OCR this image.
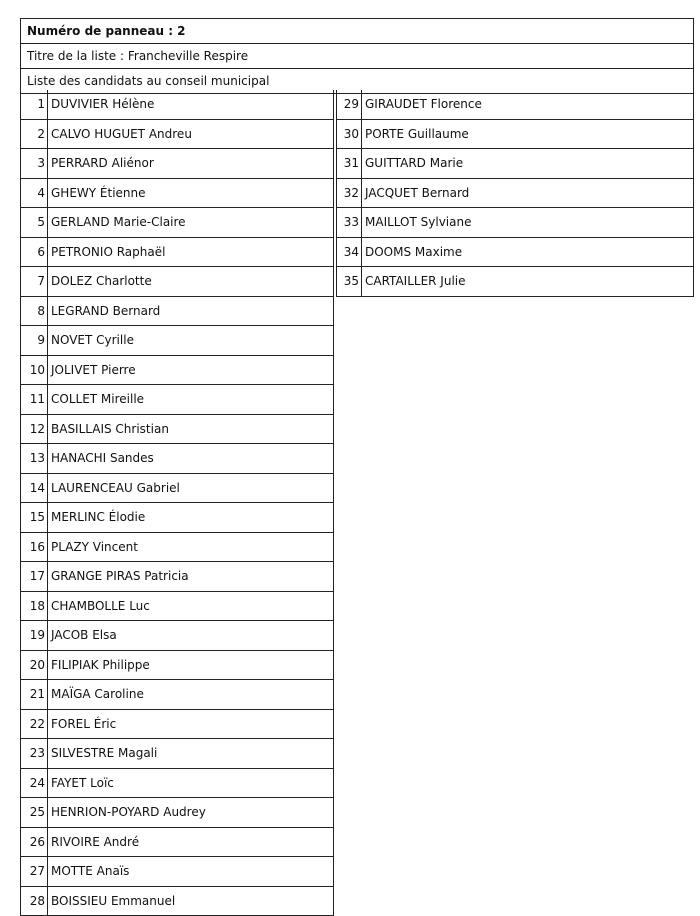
Numéro de panneau : 2
Titre de la liste : Francheville Respire
Liste des candidats au conseil municipal
1 DUVIVIER Hélène
2 CALVO HUGUET Andreu
3 PERRARD Aliénor
4 GHEWY Étienne
5 GERLAND Marie-Claire
6 PETRONIO Raphaël
7 DOLEZ Charlotte
8 LEGRAND Bernard
9 NOVET Cyrille
10 JOLIVET Pierre
11 COLLET Mireille
12 BASILLAIS Christian
13 HANACHI Sandes
14 LAURENCEAU Gabriel
15 MERLINC Élodie
16 PLAZY Vincent
17 GRANGE PIRAS Patricia
18 CHAMBOLLE Luc
19 JACOB Elsa
20 FILIPIAK Philippe
21 MAÏGA Caroline
22 FOREL Éric
23 SILVESTRE Magali
24 FAYET Loïc
25 HENRION-POYARD Audrey
26 RIVOIRE André
27 MOTTE Anaïs
28 BOISSIEU Emmanuel
29 GIRAUDET Florence
30 PORTE Guillaume
31 GUITTARD Marie
32 JACQUET Bernard
33 MAILLOT Sylviane
34 DOOMS Maxime
35 CARTAILLER Julie
